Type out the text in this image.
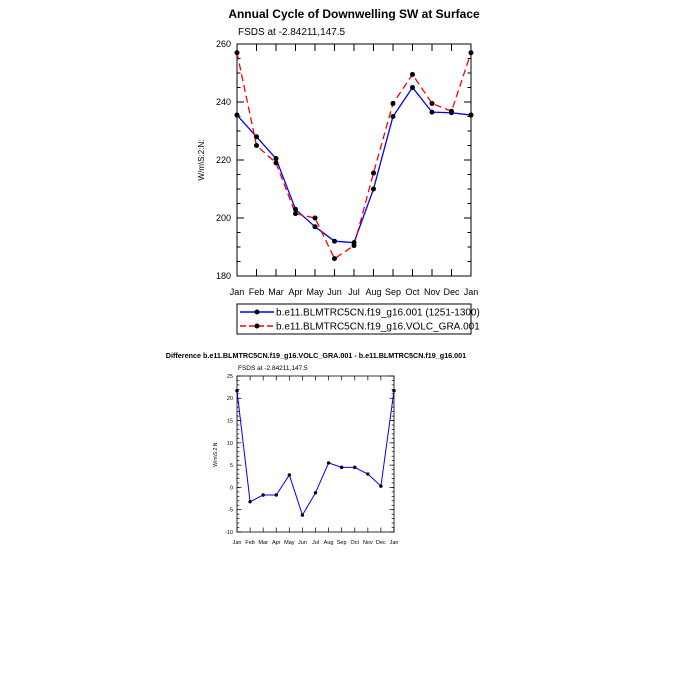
Annual Cycle of Downwelling SW at Surface
FSDS at -2.84211,147.5
W/m\S:2:N:
180
200
220
240
260
Jan Feb Mar Apr May Jun Jul Aug Sep Oct Nov Dec Jan
b.e11.BLMTRC5CN.f19_g16.001 (1251-1300)
b.e11.BLMTRC5CN.f19_g16.VOLC_GRA.001
Difference b.e11.BLMTRC5CN.f19_g16.VOLC_GRA.001 - b.e11.BLMTRC5CN.f19_g16.001
FSDS at -2.84211,147.5
W/m\S:2:N:
-10
-5
0
5
10
15
20
25
Jan Feb Mar Apr May Jun Jul Aug Sep Oct Nov Dec Jan
